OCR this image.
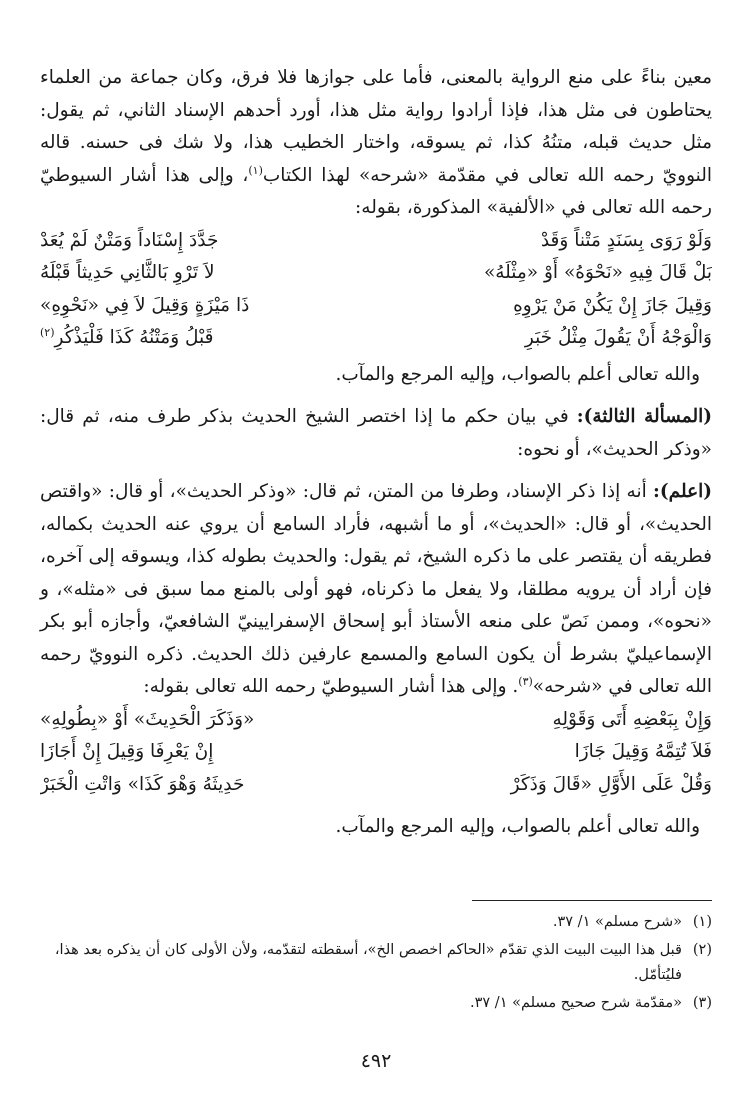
معين بناءً على منع الرواية بالمعنى، فأما على جوازها فلا فرق، وكان جماعة من العلماء يحتاطون فى مثل هذا، فإذا أرادوا رواية مثل هذا، أورد أحدهم الإسناد الثاني، ثم يقول: مثل حديث قبله، متنُهُ كذا، ثم يسوقه، واختار الخطيب هذا، ولا شك فى حسنه. قاله النوويّ رحمه الله تعالى في مقدّمة «شرحه» لهذا الكتاب$^{(١)}$، وإلى هذا أشار السيوطيّ رحمه الله تعالى في «الألفية» المذكورة، بقوله:

وَلَوْ رَوَى بِسَنَدٍ مَتْناً وَقَدْ
جَدَّدَ إِسْنَاداً وَمَتْنٌ لَمْ يُعَدْ
بَلْ قَالَ فِيهِ «نَحْوَهُ» أَوْ «مِثْلَهُ»
لاَ تَرْوِ بَالثَّانِي حَدِيثاً قَبْلَهُ
وَقِيلَ جَازَ إِنْ يَكُنْ مَنْ يَرْوِهِ
ذَا مَيْزَةٍ وَقِيلَ لاَ فِي «نَحْوِهِ»
وَالْوَجْهُ أَنْ يَقُولَ مِثْلُ خَبَرِ
قَبْلُ وَمَتْنُهُ كَذَا فَلْيَذْكُرِ$^{(٢)}$

والله تعالى أعلم بالصواب، وإليه المرجع والمآب.

(المسألة الثالثة): في بيان حكم ما إذا اختصر الشيخ الحديث بذكر طرف منه، ثم قال: «وذكر الحديث»، أو نحوه:

(اعلم): أنه إذا ذكر الإسناد، وطرفا من المتن، ثم قال: «وذكر الحديث»، أو قال: «واقتص الحديث»، أو قال: «الحديث»، أو ما أشبهه، فأراد السامع أن يروي عنه الحديث بكماله، فطريقه أن يقتصر على ما ذكره الشيخ، ثم يقول: والحديث بطوله كذا، ويسوقه إلى آخره، فإن أراد أن يرويه مطلقا، ولا يفعل ما ذكرناه، فهو أولى بالمنع مما سبق فى «مثله»، و «نحوه»، وممن نَصّ على منعه الأستاذ أبو إسحاق الإسفرايينيّ الشافعيّ، وأجازه أبو بكر الإسماعيليّ بشرط أن يكون السامع والمسمع عارفين ذلك الحديث. ذكره النوويّ رحمه الله تعالى في «شرحه»$^{(٣)}$. وإلى هذا أشار السيوطيّ رحمه الله تعالى بقوله:

وَإِنْ بِبَعْضِهِ أَتَى وَقَوْلِهِ
«وَذَكَرَ الْحَدِيثَ» أَوْ «بِطُولِهِ»
فَلاَ تُتِمَّهُ وَقِيلَ جَازَا
إِنْ يَعْرِفَا وَقِيلَ إِنْ أَجَازَا
وَقُلْ عَلَى الأَوَّلِ «قَالَ وَذَكَرْ
حَدِيثَهُ وَهْوَ كَذَا» وَاتْتِ الْخَبَرْ

والله تعالى أعلم بالصواب، وإليه المرجع والمآب.

(١)
«شرح مسلم» ١/ ٣٧.
(٢)
قبل هذا البيت البيت الذي تقدّم «الحاكم اخصص الخ»، أسقطته لتقدّمه، ولأن الأولى كان أن يذكره بعد هذا، فليُتأمّل.
(٣)
«مقدّمة شرح صحيح مسلم» ١/ ٣٧.
٤٩٢
